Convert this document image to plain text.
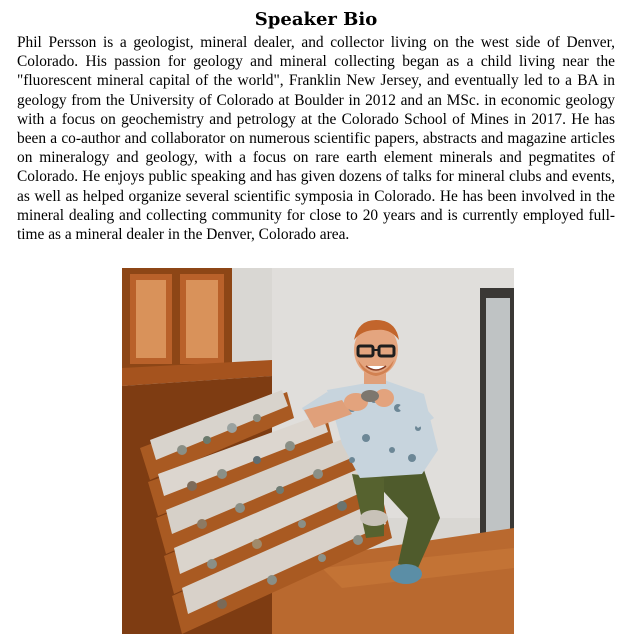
Speaker Bio

Phil Persson is a geologist, mineral dealer, and collector living on the west side of Denver, Colorado. His passion for geology and mineral collecting began as a child living near the "fluorescent mineral capital of the world", Franklin New Jersey, and eventually led to a BA in geology from the University of Colorado at Boulder in 2012 and an MSc. in economic geology with a focus on geochemistry and petrology at the Colorado School of Mines in 2017. He has been a co-author and collaborator on numerous scientific papers, abstracts and magazine articles on mineralogy and geology, with a focus on rare earth element minerals and pegmatites of Colorado. He enjoys public speaking and has given dozens of talks for mineral clubs and events, as well as helped organize several scientific symposia in Colorado. He has been involved in the mineral dealing and collecting community for close to 20 years and is currently employed full-time as a mineral dealer in the Denver, Colorado area.
